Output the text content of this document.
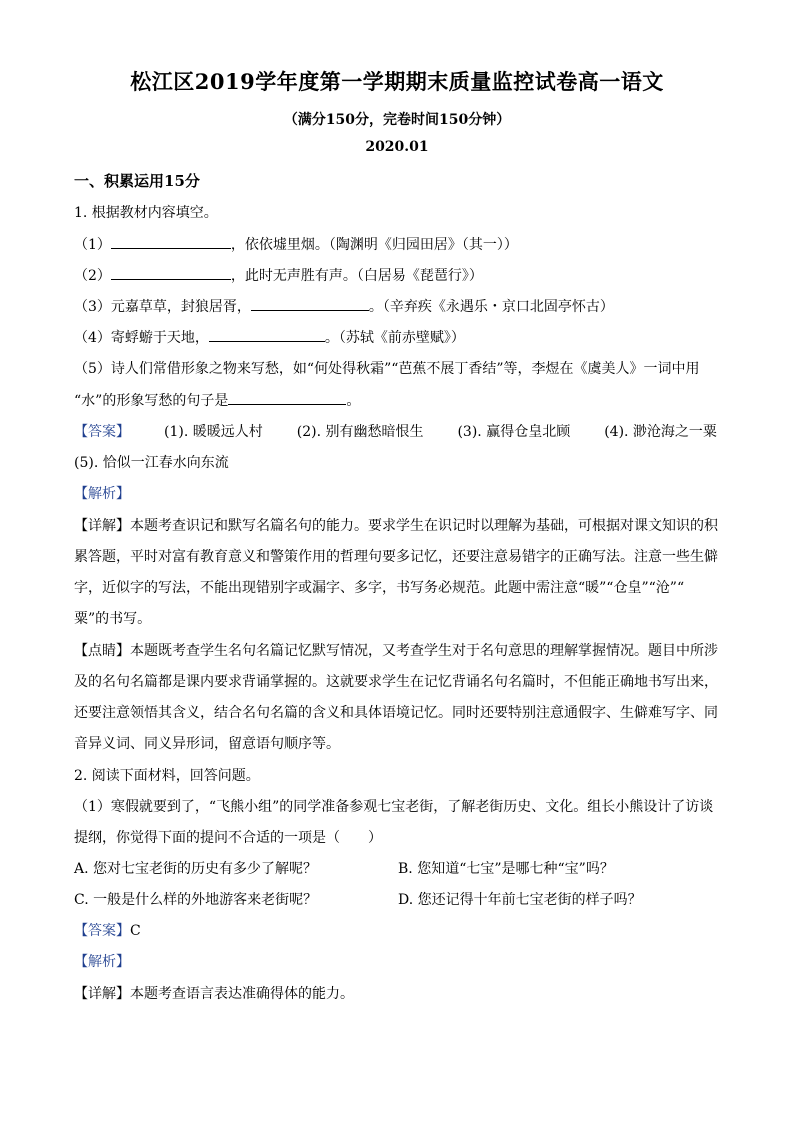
松江区2019学年度第一学期期末质量监控试卷高一语文
（满分150分，完卷时间150分钟）
2020.01
一、积累运用15分
1. 根据教材内容填空。
（1）	，依依墟里烟。（陶渊明《归园田居》（其一））
（2）	，此时无声胜有声。（白居易《琵琶行》）
（3）元嘉草草，封狼居胥，	。（辛弃疾《永遇乐・京口北固亭怀古）
（4）寄蜉蝣于天地，	。（苏轼《前赤壁赋》）
（5）诗人们常借形象之物来写愁，如“何处得秋霜”“芭蕉不展丁香结”等，李煜在《虞美人》一词中用
“水”的形象写愁的句子是	。
【答案】 (1). 暖暖远人村 (2). 别有幽愁暗恨生 (3). 赢得仓皇北顾 (4). 渺沧海之一粟
(5). 恰似一江春水向东流
【解析】
【详解】本题考查识记和默写名篇名句的能力。要求学生在识记时以理解为基础，可根据对课文知识的积
累答题，平时对富有教育意义和警策作用的哲理句要多记忆，还要注意易错字的正确写法。注意一些生僻
字，近似字的写法，不能出现错别字或漏字、多字，书写务必规范。此题中需注意“暖”“仓皇”“沧”“
粟”的书写。
【点睛】本题既考查学生名句名篇记忆默写情况，又考查学生对于名句意思的理解掌握情况。题目中所涉
及的名句名篇都是课内要求背诵掌握的。这就要求学生在记忆背诵名句名篇时，不但能正确地书写出来，
还要注意领悟其含义，结合名句名篇的含义和具体语境记忆。同时还要特别注意通假字、生僻难写字、同
音异义词、同义异形词，留意语句顺序等。
2. 阅读下面材料，回答问题。
（1）寒假就要到了，“飞熊小组”的同学准备参观七宝老街，了解老街历史、文化。组长小熊设计了访谈
提纲，你觉得下面的提问不合适的一项是（　　）
A. 您对七宝老街的历史有多少了解呢？	B. 您知道“七宝”是哪七种“宝”吗？
C. 一般是什么样的外地游客来老街呢？	D. 您还记得十年前七宝老街的样子吗？
【答案】C
【解析】
【详解】本题考查语言表达准确得体的能力。
